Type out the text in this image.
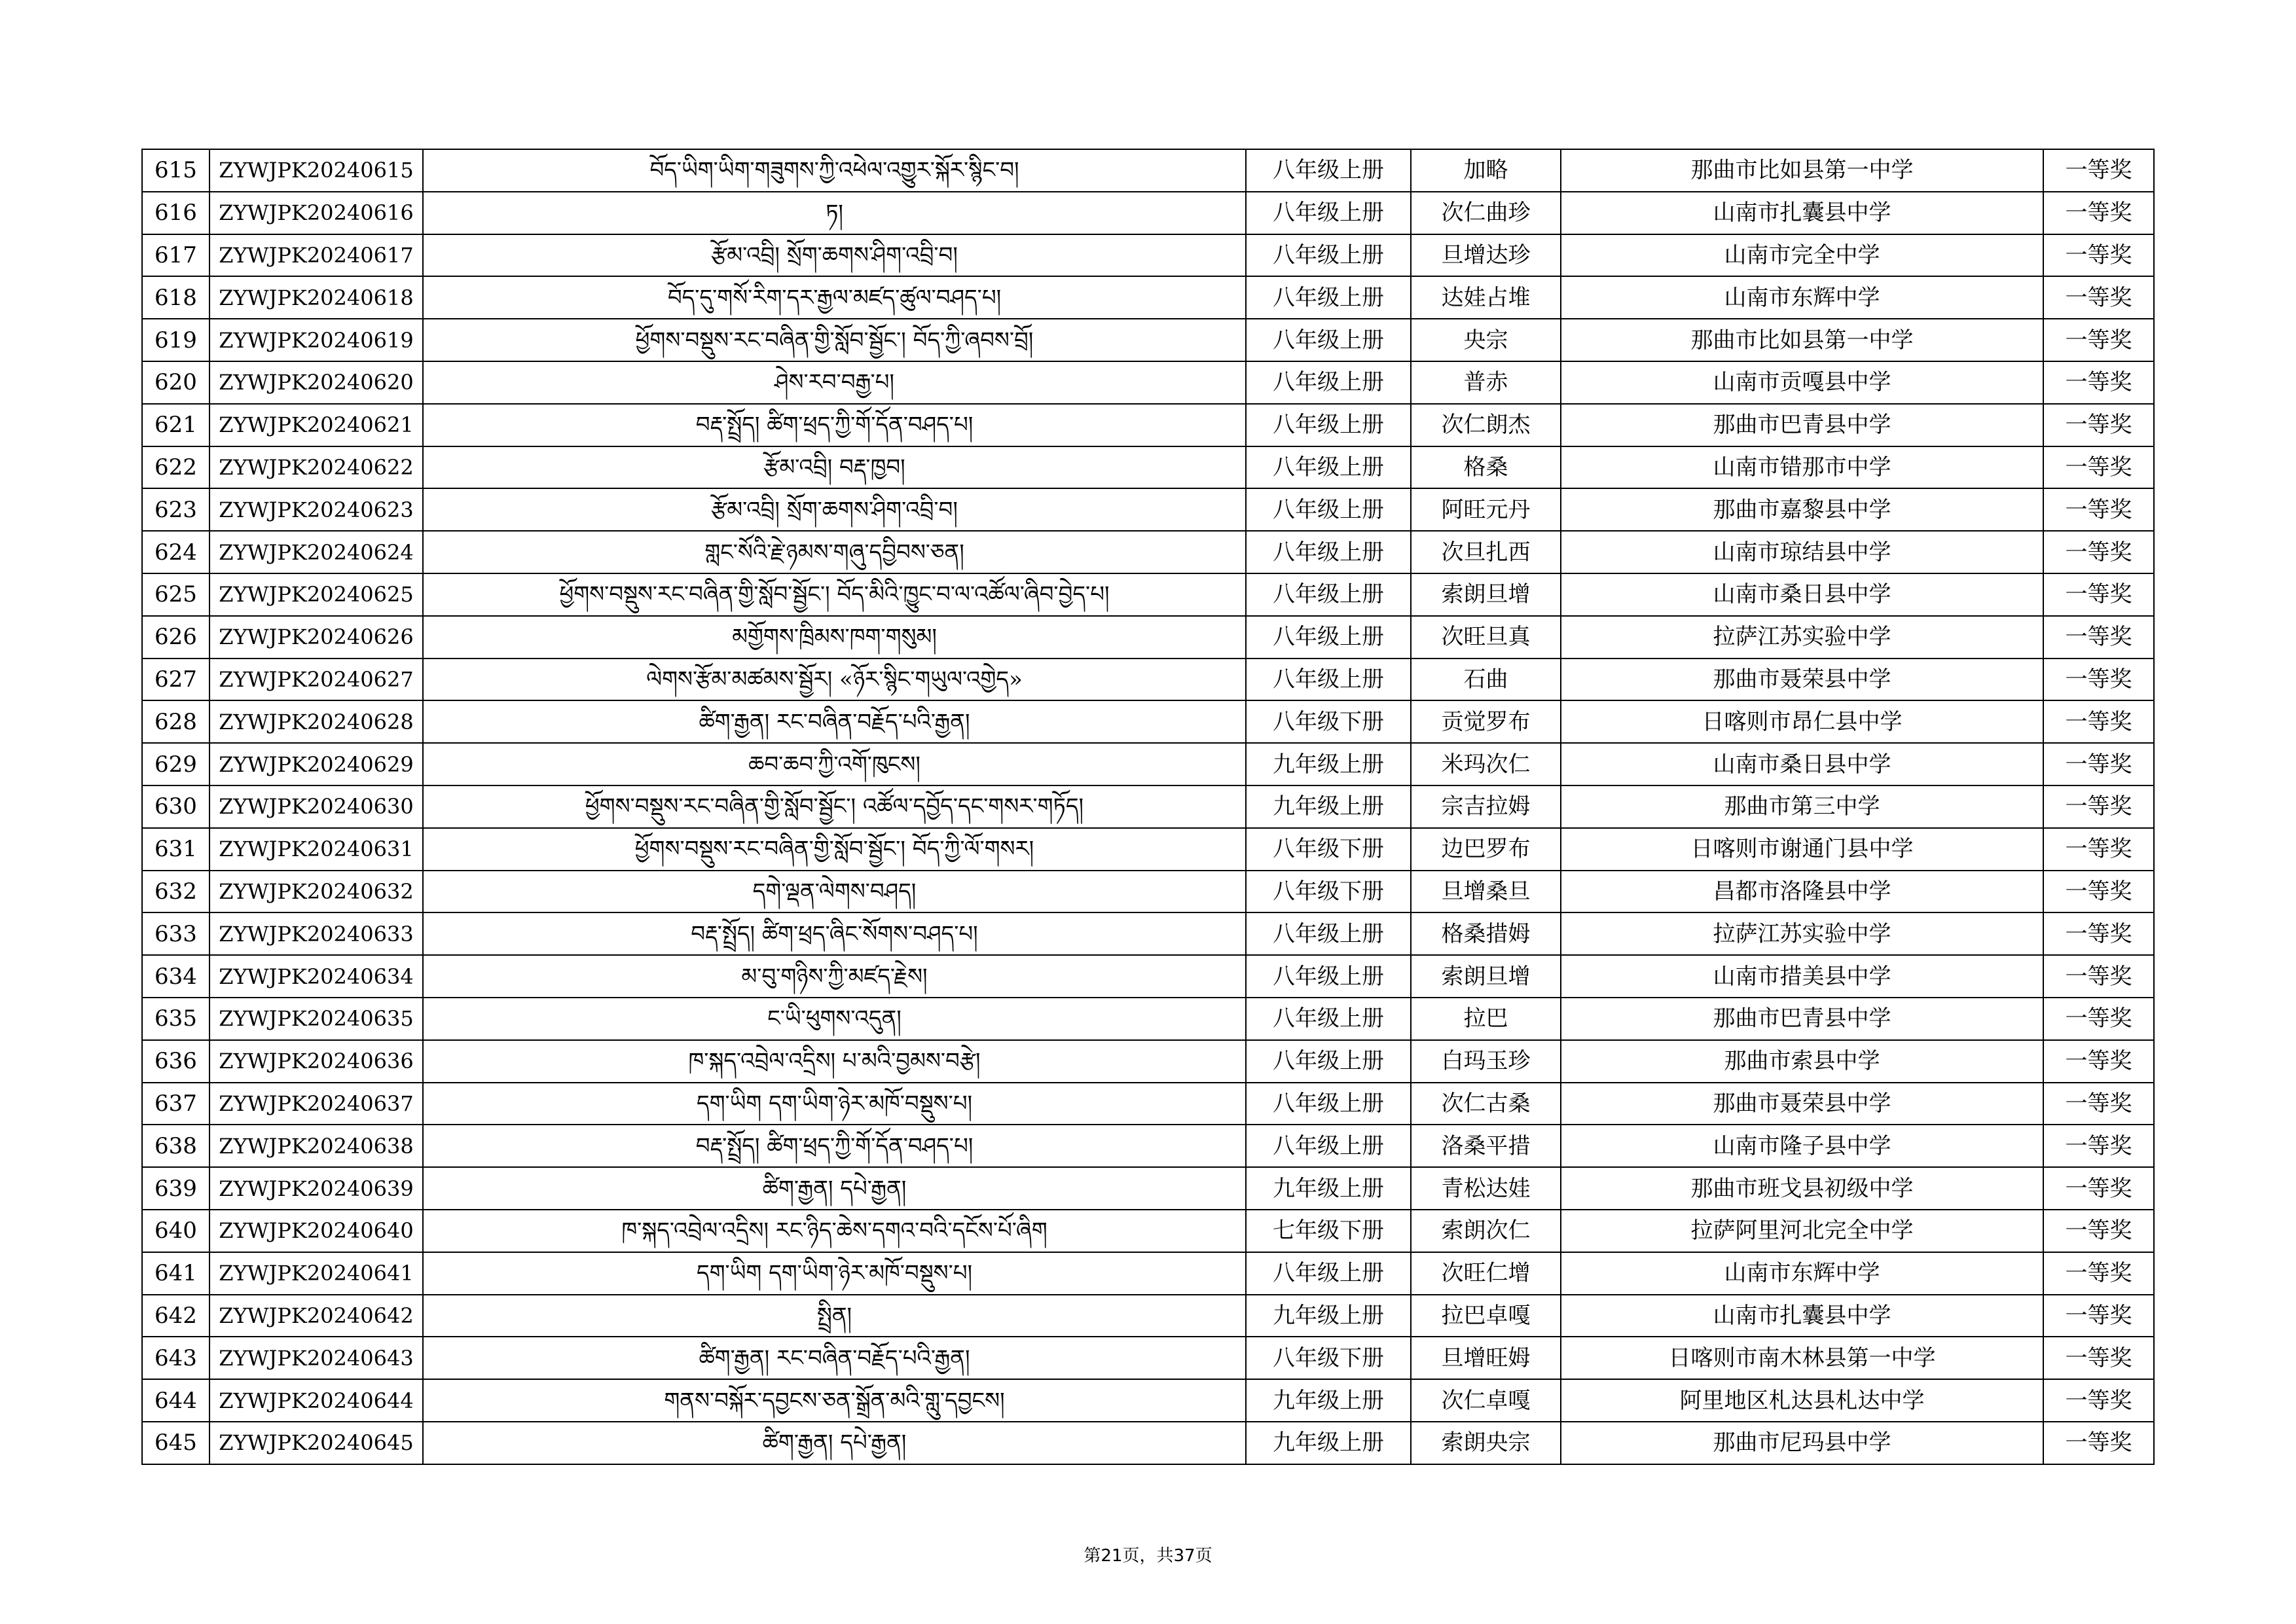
615	ZYWJPK20240615	བོད་ཡིག་ཡིག་གཟུགས་ཀྱི་འཕེལ་འགྱུར་སྐོར་སྙིང་བ།	八年级上册	加略	那曲市比如县第一中学	一等奖
616	ZYWJPK20240616	ཏ།	八年级上册	次仁曲珍	山南市扎囊县中学	一等奖
617	ZYWJPK20240617	རྩོམ་འབྲི། སྲོག་ཆགས་ཤིག་འབྲི་བ།	八年级上册	旦增达珍	山南市完全中学	一等奖
618	ZYWJPK20240618	བོད་དུ་གསོ་རིག་དར་རྒྱལ་མཛད་ཚུལ་བཤད་པ།	八年级上册	达娃占堆	山南市东辉中学	一等奖
619	ZYWJPK20240619	ཕྱོགས་བསྡུས་རང་བཞིན་གྱི་སློབ་སྦྱོང་། བོད་ཀྱི་ཞབས་བྲོ།	八年级上册	央宗	那曲市比如县第一中学	一等奖
620	ZYWJPK20240620	ཤེས་རབ་བརྒྱ་པ།	八年级上册	普赤	山南市贡嘎县中学	一等奖
621	ZYWJPK20240621	བརྡ་སྤྲོད། ཚིག་ཕྲད་ཀྱི་གོ་དོན་བཤད་པ།	八年级上册	次仁朗杰	那曲市巴青县中学	一等奖
622	ZYWJPK20240622	རྩོམ་འབྲི། བརྡ་ཁྱབ།	八年级上册	格桑	山南市错那市中学	一等奖
623	ZYWJPK20240623	རྩོམ་འབྲི། སྲོག་ཆགས་ཤིག་འབྲི་བ།	八年级上册	阿旺元丹	那曲市嘉黎县中学	一等奖
624	ZYWJPK20240624	གླང་སོའི་རྗེ་ཉམས་གཞུ་དབྱིབས་ཅན།	八年级上册	次旦扎西	山南市琼结县中学	一等奖
625	ZYWJPK20240625	ཕྱོགས་བསྡུས་རང་བཞིན་གྱི་སློབ་སྦྱོང་། བོད་མིའི་ཁྱུང་བ་ལ་འཚོལ་ཞིབ་བྱེད་པ།	八年级上册	索朗旦增	山南市桑日县中学	一等奖
626	ZYWJPK20240626	མགྱོགས་ཁྲིམས་ཁག་གསུམ།	八年级上册	次旺旦真	拉萨江苏实验中学	一等奖
627	ZYWJPK20240627	ལེགས་རྩོམ་མཚམས་སྦྱོར། «ཉོར་སྙིང་གཡུལ་འགྱེད»	八年级上册	石曲	那曲市聂荣县中学	一等奖
628	ZYWJPK20240628	ཚིག་རྒྱན། རང་བཞིན་བརྗོད་པའི་རྒྱན།	八年级下册	贡觉罗布	日喀则市昂仁县中学	一等奖
629	ZYWJPK20240629	ཆབ་ཆབ་ཀྱི་འགོ་ཁུངས།	九年级上册	米玛次仁	山南市桑日县中学	一等奖
630	ZYWJPK20240630	ཕྱོགས་བསྡུས་རང་བཞིན་གྱི་སློབ་སྦྱོང་། འཚོལ་དབྱོད་དང་གསར་གཏོད།	九年级上册	宗吉拉姆	那曲市第三中学	一等奖
631	ZYWJPK20240631	ཕྱོགས་བསྡུས་རང་བཞིན་གྱི་སློབ་སྦྱོང་། བོད་ཀྱི་ལོ་གསར།	八年级下册	边巴罗布	日喀则市谢通门县中学	一等奖
632	ZYWJPK20240632	དགེ་ལྡན་ལེགས་བཤད།	八年级下册	旦增桑旦	昌都市洛隆县中学	一等奖
633	ZYWJPK20240633	བརྡ་སྤྲོད། ཚིག་ཕྲད་ཞིང་སོགས་བཤད་པ།	八年级上册	格桑措姆	拉萨江苏实验中学	一等奖
634	ZYWJPK20240634	མ་བུ་གཉིས་ཀྱི་མཛད་རྗེས།	八年级上册	索朗旦增	山南市措美县中学	一等奖
635	ZYWJPK20240635	ང་ཡི་ཕུགས་འདུན།	八年级上册	拉巴	那曲市巴青县中学	一等奖
636	ZYWJPK20240636	ཁ་སྐད་འབྲེལ་འདྲིས། པ་མའི་བྱམས་བརྩེ།	八年级上册	白玛玉珍	那曲市索县中学	一等奖
637	ZYWJPK20240637	དག་ཡིག དག་ཡིག་ཉེར་མཁོ་བསྡུས་པ།	八年级上册	次仁古桑	那曲市聂荣县中学	一等奖
638	ZYWJPK20240638	བརྡ་སྤྲོད། ཚིག་ཕྲད་ཀྱི་གོ་དོན་བཤད་པ།	八年级上册	洛桑平措	山南市隆子县中学	一等奖
639	ZYWJPK20240639	ཚིག་རྒྱན། དཔེ་རྒྱན།	九年级上册	青松达娃	那曲市班戈县初级中学	一等奖
640	ZYWJPK20240640	ཁ་སྐད་འབྲེལ་འདྲིས། རང་ཉིད་ཆེས་དགའ་བའི་དངོས་པོ་ཞིག	七年级下册	索朗次仁	拉萨阿里河北完全中学	一等奖
641	ZYWJPK20240641	དག་ཡིག དག་ཡིག་ཉེར་མཁོ་བསྡུས་པ།	八年级上册	次旺仁增	山南市东辉中学	一等奖
642	ZYWJPK20240642	སྤྲིན།	九年级上册	拉巴卓嘎	山南市扎囊县中学	一等奖
643	ZYWJPK20240643	ཚིག་རྒྱན། རང་བཞིན་བརྗོད་པའི་རྒྱན།	八年级下册	旦增旺姆	日喀则市南木林县第一中学	一等奖
644	ZYWJPK20240644	གནས་བསྐོར་དབྱངས་ཅན་སྒྲོན་མའི་གླུ་དབྱངས།	九年级上册	次仁卓嘎	阿里地区札达县札达中学	一等奖
645	ZYWJPK20240645	ཚིག་རྒྱན། དཔེ་རྒྱན།	九年级上册	索朗央宗	那曲市尼玛县中学	一等奖
第21页，共37页
